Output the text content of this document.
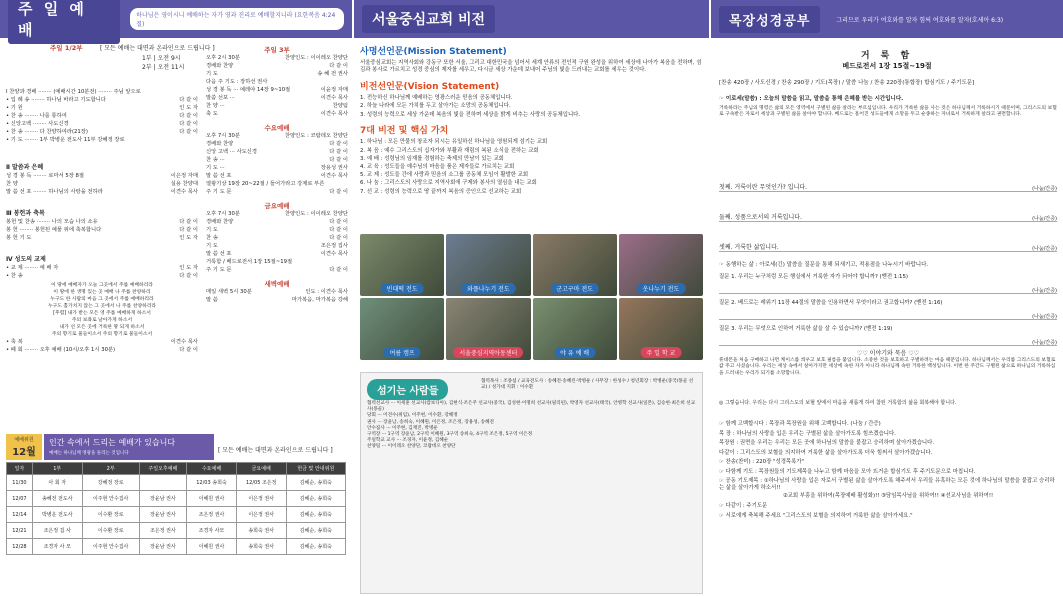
주 일 예 배
하나님은 영이시니 예배하는 자가 영과 진리로 예배할지니라 (요한복음 4:24절)
주일 1/2부	[ 모든 예배는 대면과 온라인으로 드립니다 ]
1부 | 오전 9시
2부 | 오전 11시
Ⅰ 찬양과 경배 ········ (예배시간 10분전) ········ 주님 앞으로
• 입 례 송 ········ 하나님 바라고 기도합니다	다 같 이
• 기 원	인 도 자
• 찬 송 ········ 나를 통하여	다 같 이
• 신앙고백 ········ 사도신경	다 같 이
• 찬 송 ········ 다 찬양하여라(21장)	다 같 이
• 기 도 ········ 1부 박병운 전도사 11부 강혜정 장로
Ⅱ 말씀과 은혜
성 경 봉 독 ········ 로마서 5장 8절	이은정 자매
찬 양	실용 찬양대
말 씀 선 포 ········ 하나님의 사랑을 전하라	이견수 목사
Ⅲ 봉헌과 축복
봉헌 및 찬송 ········ 나의 모습 나의 소유	다 같 이
봉 헌 ········ 봉헌된 예물 위에 축복합니다	다 같 이
봉 헌 기 도	인 도 자
Ⅳ 성도의 교제
• 교 제 ········ 예 배 자	인 도 자
• 찬 송	다 같 이
이 땅에 예배자가 오늘 그곳에서 주를 예배하리라
이 땅에 한 생명 있는 곳 예배 나 주를 찬양하리
누구도 한 사람의 마음 그 곳에서 주를 예배하리라
누구도 홀가치지 않는 그 곳에서 나 주를 찬양하리라
[후렴] 내가 받는 모든 영 주를 예배하게 하소서
주의 보좌로 날아가게 하소서
내가 선 모든 곳에 거룩한 땅 되게 하소서
주의 향기로 물들이소서 주의 향기로 물들이소서
• 축 복	이견수 목사
• 폐 회 ········ 오후 예배 (10시/오후 1시 30분)	다 같 이
주일 3부
오후 2시 30분	찬양인도 : 이이레오 찬양단
경배와 찬양	다 같 이
기 도	송 혜 전 권사
다음 주 기도 : 장하선 권사
성 경 봉 독 ··· 예레야 14장 9~10절	이윤정 자매
말씀 선포 ···	이견수 목사
찬 양 ···	찬양팀
축 도	이견수 목사
수요예배
오후 7시 30분	찬양인도 : 코람데오 찬양단
경배와 찬양	다 같 이
신앙 고백 ··· 사도신경	다 같 이
찬 송 ···	다 같 이
기 도 ···	장용성 권사
말 씀 선 포	이견수 목사
열왕기상 19장 20~22절 / 들어가라고 강제로 부른
주 기 도 문	다 같 이
금요예배
오후 7시 30분	찬양인도 : 이이레오 찬양단
경배와 찬양	다 같 이
기 도	다 같 이
찬 송	다 같 이
기 도	조은정 집사
말 씀 선 포	이견수 목사
거룩함 / 베드로전서 1장 15절~19절
주 기 도 문	다 같 이
새벽예배
매일 새벽 5시 30분	인도 : 이견수 목사
말 씀	마가복음, 마가복음 강해
예배위원
12월
인간 속에서 드리는 예배가 있습니다
예배는 하나님께 영광을 돌리는 것입니다	[ 모든 예배는 대면과 온라인으로 드립니다 ]
일자	1부	2부	주일오후예배	수요예배	금요예배	헌금 및 안내위원
11/30	사 회 자	강혜정 장로		12/03 송희숙	12/05 조은정	김혜순, 송희숙
12/07	송혜전 전도사	이주현 안수집사	장윤남 권사	이혜원 권사	이은정 권사	김혜순, 송희숙
12/14	박병운 전도사	이수환 장로	장윤남 권사	조은정 권사	이은정 권사	김혜순, 송희숙
12/21	조은정 집 사	이수환 장로	조은정 권사	조경자 사모	송희숙 권사	김혜순, 송희숙
12/28	조경자 사 모	이주현 안수집사	장윤남 권사	이혜원 권사	송희숙 권사	김혜순, 송희숙
서울중심교회 비전
사명선언문(Mission Statement)
서울중심교회는 지역사회와 강동구 또한 서울, 그리고 대한민국을 넘어서 세계 안류의 전인적 구원 완성을 위하여 세상에 나아가 복음을 전하며, 섬김과 봉사로 가르치고 성경 중심의 제자를 세우고, 다시금 세상 가운데 보내어 주님의 빛을 드러내는 교회를 세우는 것이다.
비전선언문(Vision Statement)
1. 전능하신 하나님께 예배하는 영광스러운 믿음의 공동체입니다.
2. 하늘 나라에 모든 가치를 두고 살아가는 소망의 공동체입니다.
3. 성령의 능력으로 세상 가운데 복음의 빛을 전하며 세상을 밝게 비추는 사랑의 공동체입니다.
7대 비전 및 핵심 가치
1. 하나님 : 모든 만물의 창조자 되시는 유일하신 하나님을 영원되게 섬기는 교회
2. 복 음 : 예수 그리스도의 십자가와 부활과 재림의 복된 소식을 전하는 교회
3. 예 배 : 성령님의 임재를 경험하는 축제의 만남이 있는 교회
4. 교 육 : 성도들을 예수님의 마음을 품은 제자들로 가르치는 교회
5. 교 제 : 성도들 간에 사랑과 믿음의 소그룹 공동체 모임이 활발한 교회
6. 나 눔 : 그리스도의 사랑으로 지역사회에 구제와 봉사의 열심을 내는 교회
7. 선 교 : 성령의 능력으로 땅 끝까지 복음의 증인으로 선교하는 교회
빈대떡 전도	와플나누기 전도	군고구마 전도	옷나누기 전도
여름 캠프	서울중심지역아동센터	야 유 예 배	주 일 학 교
섬기는 사람들
협력목사 : 조종섭 / 교육전도사 : 송혜전·송혜린·박병운 / 사무장 : 한성수 / 청년회장 : 박병운(중국/몽골 선교) / 성가대 지휘 : 이수환
협력선교사 ··· 이세훈 선교사(캄보디아), 김현식·조은주 선교사(중국), 김성현·이명희 선교사(필리핀), 박영자 선교사(태국), 안병학 선교사(일본), 김승현·최은희 선교사(몽골)
당회 ··· 이견수(위임), 이주현, 이수환, 강혜정
권사 ··· 장윤남, 송희숙, 이혜원, 이은정, 조은정, 장용성, 송혜전
안수집사 ··· 이주현, 김재진, 박병운
구역장 ··· 1구역 장윤남, 2구역 이혜원, 3구역 송희숙, 4구역 조은정, 5구역 이은정
주일학교 교사 ··· 조경자, 이윤정, 김혜순
찬양팀 ··· 이이레오 찬양단, 코람데오 찬양단
목장성경공부	그리므로 우리가 여호와를 알자 힘써 여호와를 알자(호세아 6:3)
거 룩 함
베드로전서 1장 15절~19절
[찬송 420장 / 사도신경 / 찬송 290장 / 기도(목장) / 말씀 나눔 / 찬송 220장(통합장) 합심기도 / 주기도문]
☞ 이로세(말씀) : 오늘의 말씀을 읽고, 말씀을 통해 은혜를 받는 시간입니다.
거룩하라는 주님의 명령은 삶의 모든 영역에서 구별된 삶을 살라는 부르심입니다. 우리가 거룩한 삶을 사는 것은 하나님께서 거룩하시기 때문이며, 그리스도의 보혈로 구속받은 자로서 세상과 구별된 삶을 살아야 합니다. 베드로는 흩어진 성도들에게 소망을 두고 순종하는 자녀로서 거룩하게 살라고 권면합니다.
첫째. 거룩이란 무엇인가? 입니다.	(나눔/간증)
둘째. 성품으로서의 거룩입니다.	(나눔/간증)
셋째. 거룩한 삶입니다.	(나눔/간증)
☞ 동행하는 삶 : 아로세(긴) 말씀을 질문을 통해 되새기고, 적용점을 나누시기 바랍니다.
질문 1. 우리는 누구처럼 모든 행실에서 거룩한 자가 되어야 합니까? (벧전 1:15)
(나눔/간증)
질문 2. 베드로는 레위기 11장 44절의 말씀을 인용하면서 무엇이라고 권고합니까? (벧전 1:16)
(나눔/간증)
질문 3. 우리는 무엇으로 인하여 거룩한 삶을 살 수 있습니까? (벧전 1:19)
(나눔/간증)
♡♡ 이야기와 묵음 ♡♡
휴대폰을 처음 구매하고 나면 케이스를 씌우고 보호 필름을 붙입니다. 소중한 것을 보호하고 구별하려는 마음 때문입니다. 하나님께서는 우리를 그리스도의 보혈로 값 주고 사셨습니다. 우리는 세상 속에서 살아가지만 세상에 속한 자가 아니라 하나님께 속한 거룩한 백성입니다. 이번 한 주간도 구별된 삶으로 하나님의 거룩하심을 드러내는 우리가 되기를 소망합니다.
◎ 그렇습니다. 우리는 다시 그리스도의 보혈 앞에서 마음을 새롭게 하여 참된 거룩함의 삶을 회복해야 합니다.
☞ 함께 고백합시다 : 목장과 목장원을 위해 고백합니다. (나눔 / 간증)
목 장 : 하나님의 사랑을 입은 우리는 구별된 삶을 살아가도록 힘쓰겠습니다.
목장원 : 권면을 우리는 우리는 모든 곳에 하나님의 말씀을 붙잡고 승리하며 살아가겠습니다.
다같이 : 그리스도의 보혈을 의지하여 거룩한 삶을 살아가도록 더욱 힘써서 살아가겠습니다.
☞ 찬송(찬미) : 220장 "성경목록가"
☞ 다함께 기도 : 목장원들의 기도제목을 나누고 함께 마음을 모아 뜨거운 합심기도 후 주기도문으로 마칩니다.
☞ 공동 기도제목 : ①하나님의 사랑을 입은 자로서 구별된 삶을 살아가도록 해주셔서 우리들 유혹하는 모든 것에 하나님의 말씀을 붙잡고 승리하는 삶을 살아가게 하소서!!
②교회 부흥을 위하여(목장예배 활성화)!! ③담임목사님을 위하여!! ④선교사님을 위하여!!
☞ 다같이 : 주기도문
☞ 서로에게 축복해 주세요 "그리스도의 보혈을 의지하여 거룩한 삶을 살아가세요."
